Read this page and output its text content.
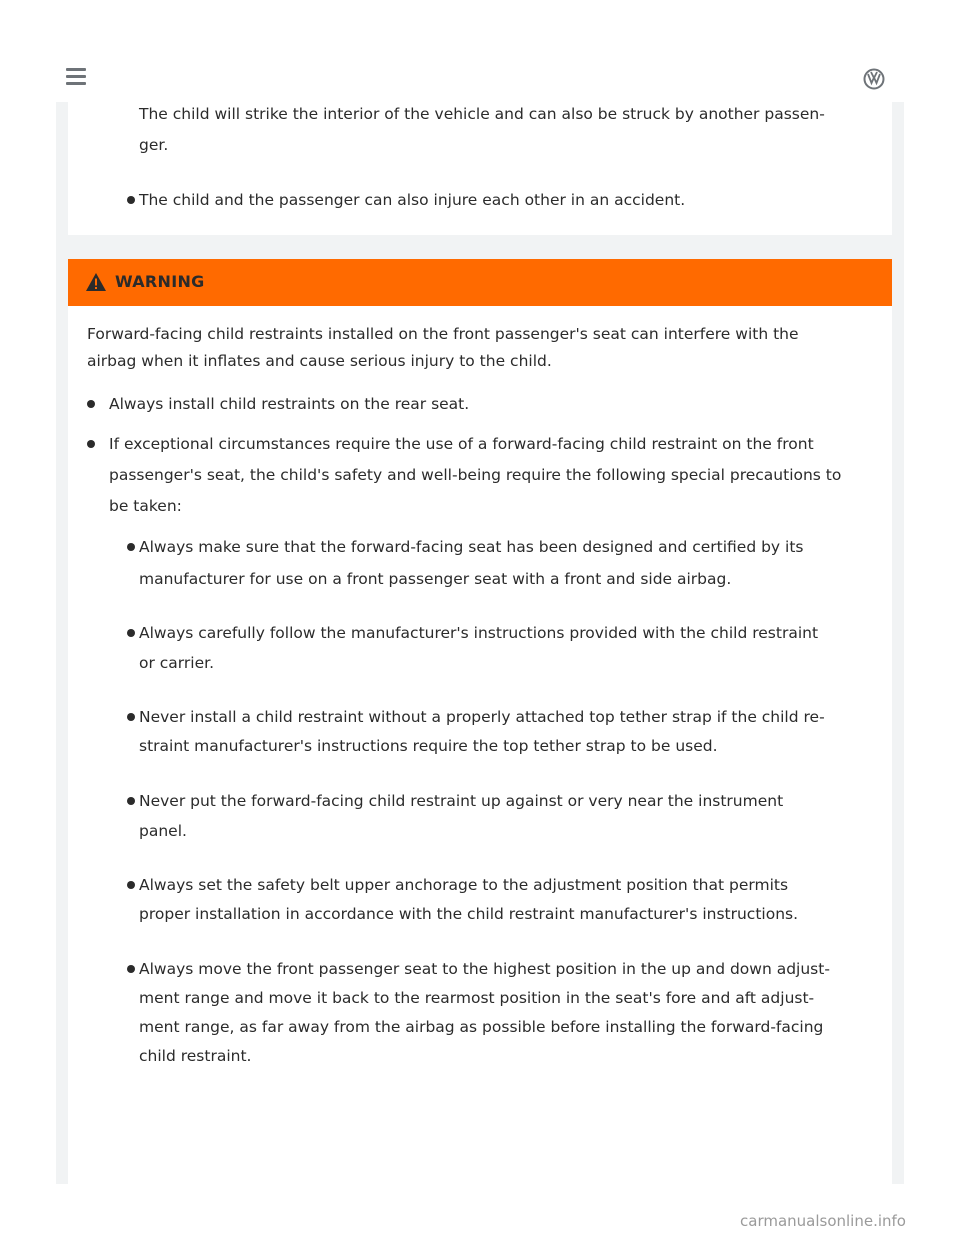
The child will strike the interior of the vehicle and can also be struck by another passen-

ger.

The child and the passenger can also injure each other in an accident.

WARNING

Forward-facing child restraints installed on the front passenger's seat can interfere with the

airbag when it inflates and cause serious injury to the child.

Always install child restraints on the rear seat.

If exceptional circumstances require the use of a forward-facing child restraint on the front

passenger's seat, the child's safety and well-being require the following special precautions to

be taken:

Always make sure that the forward-facing seat has been designed and certified by its

manufacturer for use on a front passenger seat with a front and side airbag.

Always carefully follow the manufacturer's instructions provided with the child restraint

or carrier.

Never install a child restraint without a properly attached top tether strap if the child re-

straint manufacturer's instructions require the top tether strap to be used.

Never put the forward-facing child restraint up against or very near the instrument

panel.

Always set the safety belt upper anchorage to the adjustment position that permits

proper installation in accordance with the child restraint manufacturer's instructions.

Always move the front passenger seat to the highest position in the up and down adjust-

ment range and move it back to the rearmost position in the seat's fore and aft adjust-

ment range, as far away from the airbag as possible before installing the forward-facing

child restraint.

carmanualsonline.info
